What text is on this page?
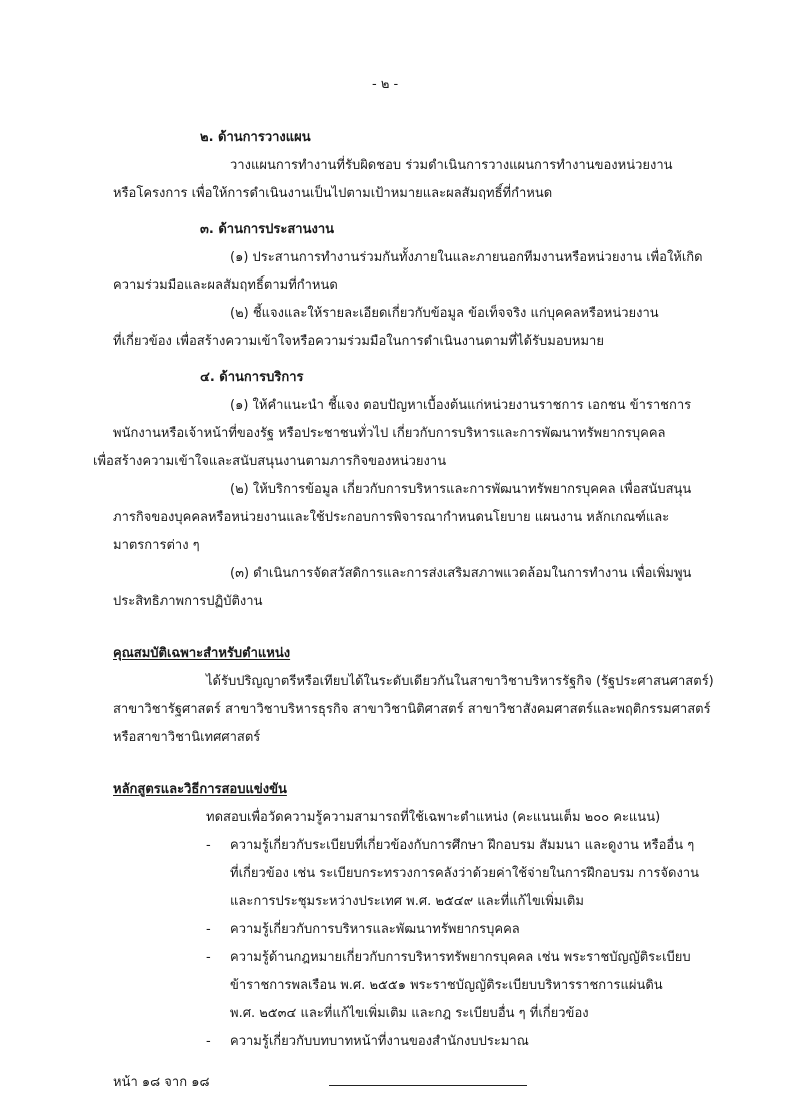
- ๒ -
๒. ด้านการวางแผน
วางแผนการทำงานที่รับผิดชอบ ร่วมดำเนินการวางแผนการทำงานของหน่วยงาน
หรือโครงการ เพื่อให้การดำเนินงานเป็นไปตามเป้าหมายและผลสัมฤทธิ์ที่กำหนด
๓. ด้านการประสานงาน
(๑) ประสานการทำงานร่วมกันทั้งภายในและภายนอกทีมงานหรือหน่วยงาน เพื่อให้เกิด
ความร่วมมือและผลสัมฤทธิ์ตามที่กำหนด
(๒) ชี้แจงและให้รายละเอียดเกี่ยวกับข้อมูล ข้อเท็จจริง แก่บุคคลหรือหน่วยงาน
ที่เกี่ยวข้อง เพื่อสร้างความเข้าใจหรือความร่วมมือในการดำเนินงานตามที่ได้รับมอบหมาย
๔. ด้านการบริการ
(๑) ให้คำแนะนำ ชี้แจง ตอบปัญหาเบื้องต้นแก่หน่วยงานราชการ เอกชน ข้าราชการ
พนักงานหรือเจ้าหน้าที่ของรัฐ หรือประชาชนทั่วไป เกี่ยวกับการบริหารและการพัฒนาทรัพยากรบุคคล
เพื่อสร้างความเข้าใจและสนับสนุนงานตามภารกิจของหน่วยงาน
(๒) ให้บริการข้อมูล เกี่ยวกับการบริหารและการพัฒนาทรัพยากรบุคคล เพื่อสนับสนุน
ภารกิจของบุคคลหรือหน่วยงานและใช้ประกอบการพิจารณากำหนดนโยบาย แผนงาน หลักเกณฑ์และ
มาตรการต่าง ๆ
(๓) ดำเนินการจัดสวัสดิการและการส่งเสริมสภาพแวดล้อมในการทำงาน เพื่อเพิ่มพูน
ประสิทธิภาพการปฏิบัติงาน
คุณสมบัติเฉพาะสำหรับตำแหน่ง
ได้รับปริญญาตรีหรือเทียบได้ในระดับเดียวกันในสาขาวิชาบริหารรัฐกิจ (รัฐประศาสนศาสตร์)
สาขาวิชารัฐศาสตร์ สาขาวิชาบริหารธุรกิจ สาขาวิชานิติศาสตร์ สาขาวิชาสังคมศาสตร์และพฤติกรรมศาสตร์
หรือสาขาวิชานิเทศศาสตร์
หลักสูตรและวิธีการสอบแข่งขัน
ทดสอบเพื่อวัดความรู้ความสามารถที่ใช้เฉพาะตำแหน่ง (คะแนนเต็ม ๒๐๐ คะแนน)
- ความรู้เกี่ยวกับระเบียบที่เกี่ยวข้องกับการศึกษา ฝึกอบรม สัมมนา และดูงาน หรืออื่น ๆ
ที่เกี่ยวข้อง เช่น ระเบียบกระทรวงการคลังว่าด้วยค่าใช้จ่ายในการฝึกอบรม การจัดงาน
และการประชุมระหว่างประเทศ พ.ศ. ๒๕๔๙ และที่แก้ไขเพิ่มเติม
- ความรู้เกี่ยวกับการบริหารและพัฒนาทรัพยากรบุคคล
- ความรู้ด้านกฎหมายเกี่ยวกับการบริหารทรัพยากรบุคคล เช่น พระราชบัญญัติระเบียบ
ข้าราชการพลเรือน พ.ศ. ๒๕๕๑ พระราชบัญญัติระเบียบบริหารราชการแผ่นดิน
พ.ศ. ๒๕๓๔ และที่แก้ไขเพิ่มเติม และกฎ ระเบียบอื่น ๆ ที่เกี่ยวข้อง
- ความรู้เกี่ยวกับบทบาทหน้าที่งานของสำนักงบประมาณ
หน้า ๑๘ จาก ๑๘
